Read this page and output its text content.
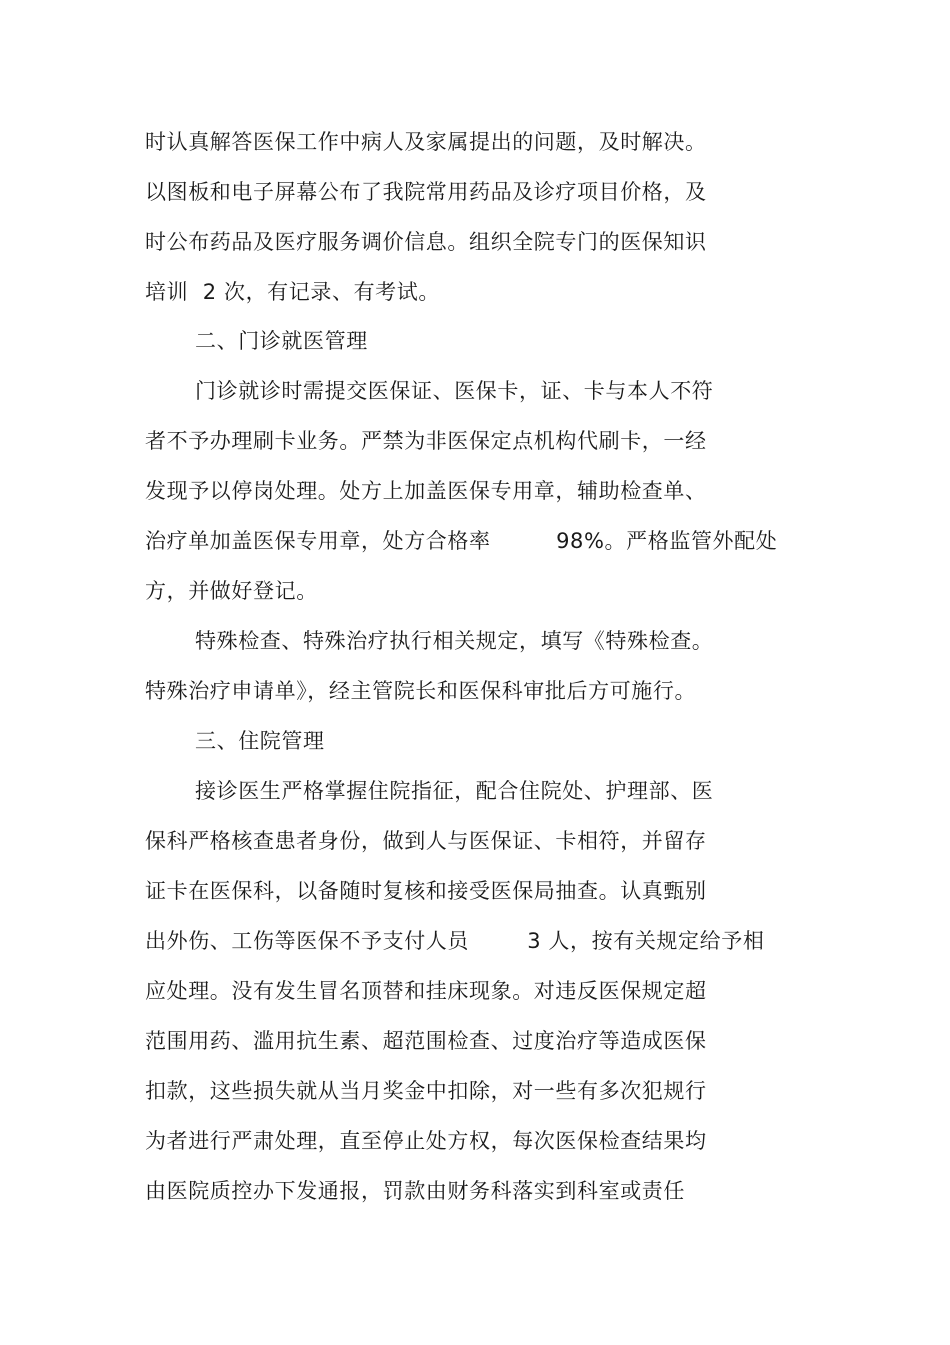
时认真解答医保工作中病人及家属提出的问题，及时解决。
以图板和电子屏幕公布了我院常用药品及诊疗项目价格，及
时公布药品及医疗服务调价信息。组织全院专门的医保知识
培训  2 次，有记录、有考试。
二、门诊就医管理
门诊就诊时需提交医保证、医保卡，证、卡与本人不符
者不予办理刷卡业务。严禁为非医保定点机构代刷卡，一经
发现予以停岗处理。处方上加盖医保专用章，辅助检查单、
治疗单加盖医保专用章，处方合格率         98%。严格监管外配处
方，并做好登记。
特殊检查、特殊治疗执行相关规定，填写《特殊检查。
特殊治疗申请单》，经主管院长和医保科审批后方可施行。
三、住院管理
接诊医生严格掌握住院指征，配合住院处、护理部、医
保科严格核查患者身份，做到人与医保证、卡相符，并留存
证卡在医保科，以备随时复核和接受医保局抽查。认真甄别
出外伤、工伤等医保不予支付人员        3 人，按有关规定给予相
应处理。没有发生冒名顶替和挂床现象。对违反医保规定超
范围用药、滥用抗生素、超范围检查、过度治疗等造成医保
扣款，这些损失就从当月奖金中扣除，对一些有多次犯规行
为者进行严肃处理，直至停止处方权，每次医保检查结果均
由医院质控办下发通报，罚款由财务科落实到科室或责任
